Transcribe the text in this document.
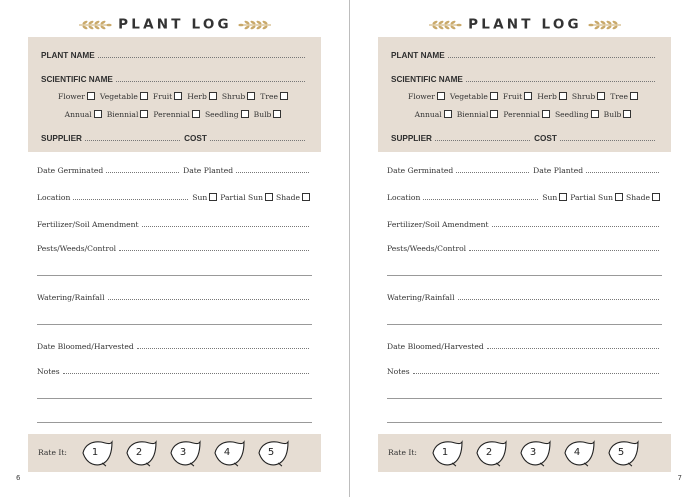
PLANT LOG
PLANT NAME
SCIENTIFIC NAME
Flower Vegetable Fruit Herb Shrub Tree
Annual Biennial Perennial Seedling Bulb
SUPPLIER	COST
Date Germinated	Date Planted
Location	Sun Partial Sun Shade
Fertilizer/Soil Amendment
Pests/Weeds/Control
Watering/Rainfall
Date Bloomed/Harvested
Notes
Rate It:	1	2	3	4	5
6
PLANT LOG
PLANT NAME
SCIENTIFIC NAME
Flower Vegetable Fruit Herb Shrub Tree
Annual Biennial Perennial Seedling Bulb
SUPPLIER	COST
Date Germinated	Date Planted
Location	Sun Partial Sun Shade
Fertilizer/Soil Amendment
Pests/Weeds/Control
Watering/Rainfall
Date Bloomed/Harvested
Notes
Rate It:	1	2	3	4	5
7
